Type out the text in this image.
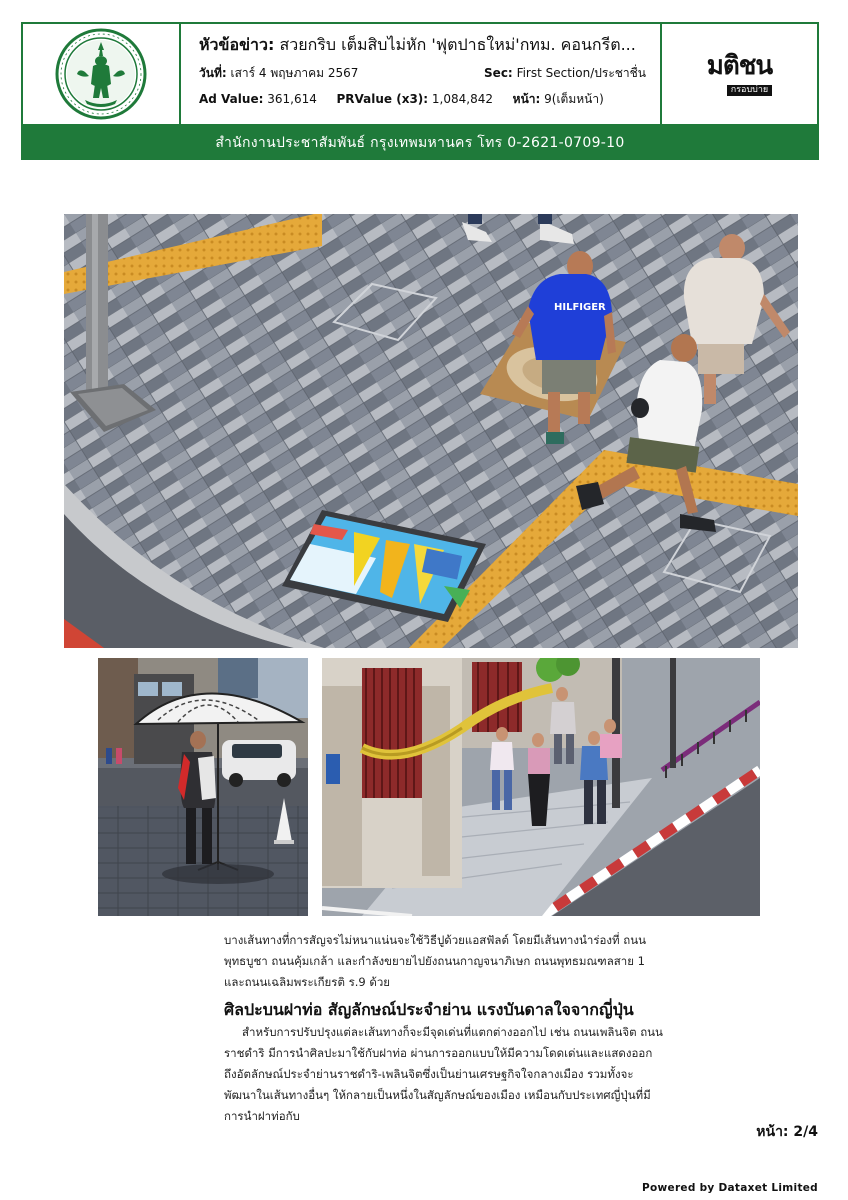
หัวข้อข่าว: สวยกริบ เต็มสิบไม่หัก 'ฟุตปาธใหม่'กทม. คอนกรีต...
วันที่: เสาร์ 4 พฤษภาคม 2567	Sec: First Section/ประชาชื่น
Ad Value: 361,614 PRValue (x3): 1,084,842 หน้า: 9(เต็มหน้า)
มติชน
กรอบบ่าย
สำนักงานประชาสัมพันธ์ กรุงเทพมหานคร โทร 0-2621-0709-10
HILFIGER
บางเส้นทางที่การสัญจรไม่หนาแน่นจะใช้วิธีปูด้วยแอสฟัลต์ โดยมีเส้นทางนำร่องที่ ถนนพุทธบูชา ถนนคุ้มเกล้า และกำลังขยายไปยังถนนกาญจนาภิเษก ถนนพุทธมณฑลสาย 1 และถนนเฉลิมพระเกียรติ ร.9 ด้วย
ศิลปะบนฝาท่อ สัญลักษณ์ประจำย่าน แรงบันดาลใจจากญี่ปุ่น
สำหรับการปรับปรุงแต่ละเส้นทางก็จะมีจุดเด่นที่แตกต่างออกไป เช่น ถนนเพลินจิต ถนนราชดำริ มีการนำศิลปะมาใช้กับฝาท่อ ผ่านการออกแบบให้มีความโดดเด่นและแสดงออกถึงอัตลักษณ์ประจำย่านราชดำริ-เพลินจิตซึ่งเป็นย่านเศรษฐกิจใจกลางเมือง รวมทั้งจะพัฒนาในเส้นทางอื่นๆ ให้กลายเป็นหนึ่งในสัญลักษณ์ของเมือง เหมือนกับประเทศญี่ปุ่นที่มีการนำฝาท่อกับ
หน้า: 2/4
Powered by Dataxet Limited
